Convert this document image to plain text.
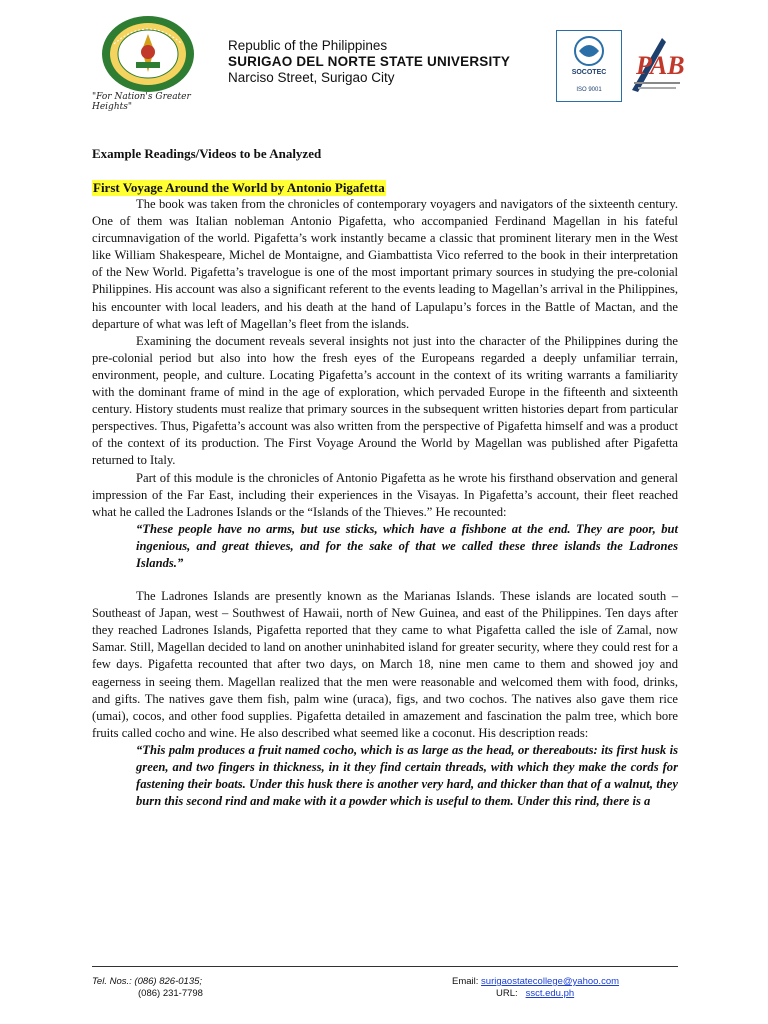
"For Nation's Greater Heights"
Republic of the Philippines
SURIGAO DEL NORTE STATE UNIVERSITY
Narciso Street, Surigao City	SOCOTEC
ISO 9001
PAB
Example Readings/Videos to be Analyzed
First Voyage Around the World by Antonio Pigafetta

The book was taken from the chronicles of contemporary voyagers and navigators of the sixteenth century. One of them was Italian nobleman Antonio Pigafetta, who accompanied Ferdinand Magellan in his fateful circumnavigation of the world. Pigafetta’s work instantly became a classic that prominent literary men in the West like William Shakespeare, Michel de Montaigne, and Giambattista Vico referred to the book in their interpretation of the New World. Pigafetta’s travelogue is one of the most important primary sources in studying the pre-colonial Philippines. His account was also a significant referent to the events leading to Magellan’s arrival in the Philippines, his encounter with local leaders, and his death at the hand of Lapulapu’s forces in the Battle of Mactan, and the departure of what was left of Magellan’s fleet from the islands.

Examining the document reveals several insights not just into the character of the Philippines during the pre-colonial period but also into how the fresh eyes of the Europeans regarded a deeply unfamiliar terrain, environment, people, and culture. Locating Pigafetta’s account in the context of its writing warrants a familiarity with the dominant frame of mind in the age of exploration, which pervaded Europe in the fifteenth and sixteenth century. History students must realize that primary sources in the subsequent written histories depart from particular perspectives. Thus, Pigafetta’s account was also written from the perspective of Pigafetta himself and was a product of the context of its production. The First Voyage Around the World by Magellan was published after Pigafetta returned to Italy.

Part of this module is the chronicles of Antonio Pigafetta as he wrote his firsthand observation and general impression of the Far East, including their experiences in the Visayas. In Pigafetta’s account, their fleet reached what he called the Ladrones Islands or the “Islands of the Thieves.” He recounted:

“These people have no arms, but use sticks, which have a fishbone at the end. They are poor, but ingenious, and great thieves, and for the sake of that we called these three islands the Ladrones Islands.”

The Ladrones Islands are presently known as the Marianas Islands. These islands are located south – Southeast of Japan, west – Southwest of Hawaii, north of New Guinea, and east of the Philippines. Ten days after they reached Ladrones Islands, Pigafetta reported that they came to what Pigafetta called the isle of Zamal, now Samar. Still, Magellan decided to land on another uninhabited island for greater security, where they could rest for a few days. Pigafetta recounted that after two days, on March 18, nine men came to them and showed joy and eagerness in seeing them. Magellan realized that the men were reasonable and welcomed them with food, drinks, and gifts. The natives gave them fish, palm wine (uraca), figs, and two cochos. The natives also gave them rice (umai), cocos, and other food supplies. Pigafetta detailed in amazement and fascination the palm tree, which bore fruits called cocho and wine. He also described what seemed like a coconut. His description reads:

“This palm produces a fruit named cocho, which is as large as the head, or thereabouts: its first husk is green, and two fingers in thickness, in it they find certain threads, with which they make the cords for fastening their boats. Under this husk there is another very hard, and thicker than that of a walnut, they burn this second rind and make with it a powder which is useful to them. Under this rind, there is a

Tel. Nos.: (086) 826-0135;
(086) 231-7798
Email: surigaostatecollege@yahoo.com
URL: ssct.edu.ph
